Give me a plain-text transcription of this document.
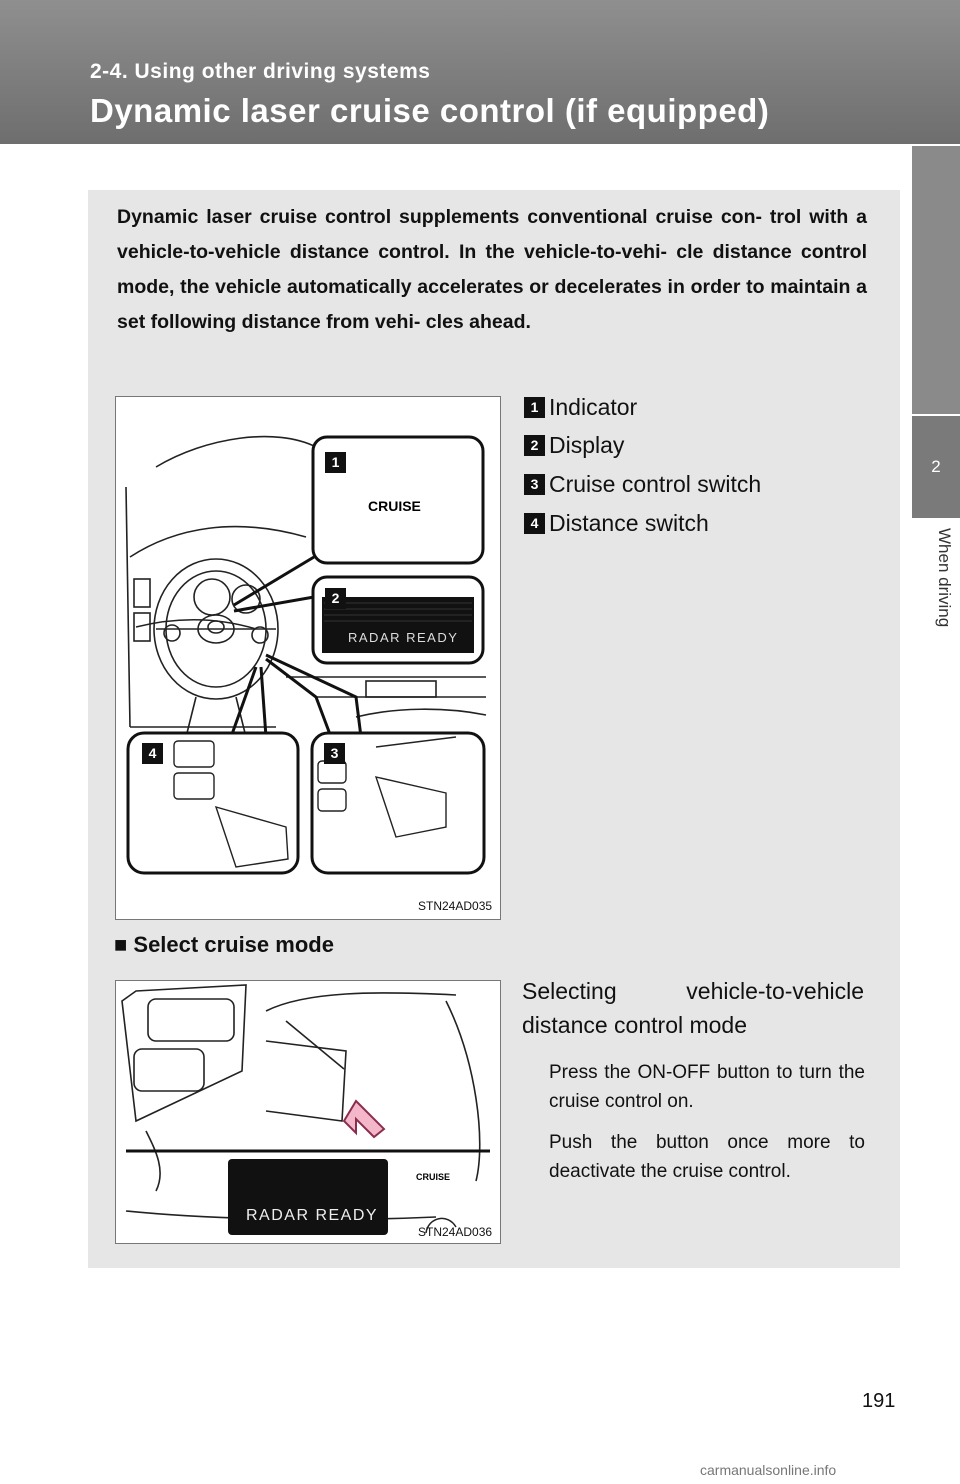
2-4. Using other driving systems
Dynamic laser cruise control (if equipped)
2
When driving
Dynamic laser cruise control supplements conventional cruise con- trol with a vehicle-to-vehicle distance control. In the vehicle-to-vehi- cle distance control mode, the vehicle automatically accelerates or decelerates in order to maintain a set following distance from vehi- cles ahead.
1
2
3
4
CRUISE
RADAR READY
STN24AD035
1 Indicator
2 Display
3 Cruise control switch
4 Distance switch
■ Select cruise mode
RADAR READY
CRUISE
STN24AD036
Selecting vehicle-to-vehicle distance control mode
Press the ON-OFF button to turn the cruise control on.
Push the button once more to deactivate the cruise control.
191
carmanualsonline.info
